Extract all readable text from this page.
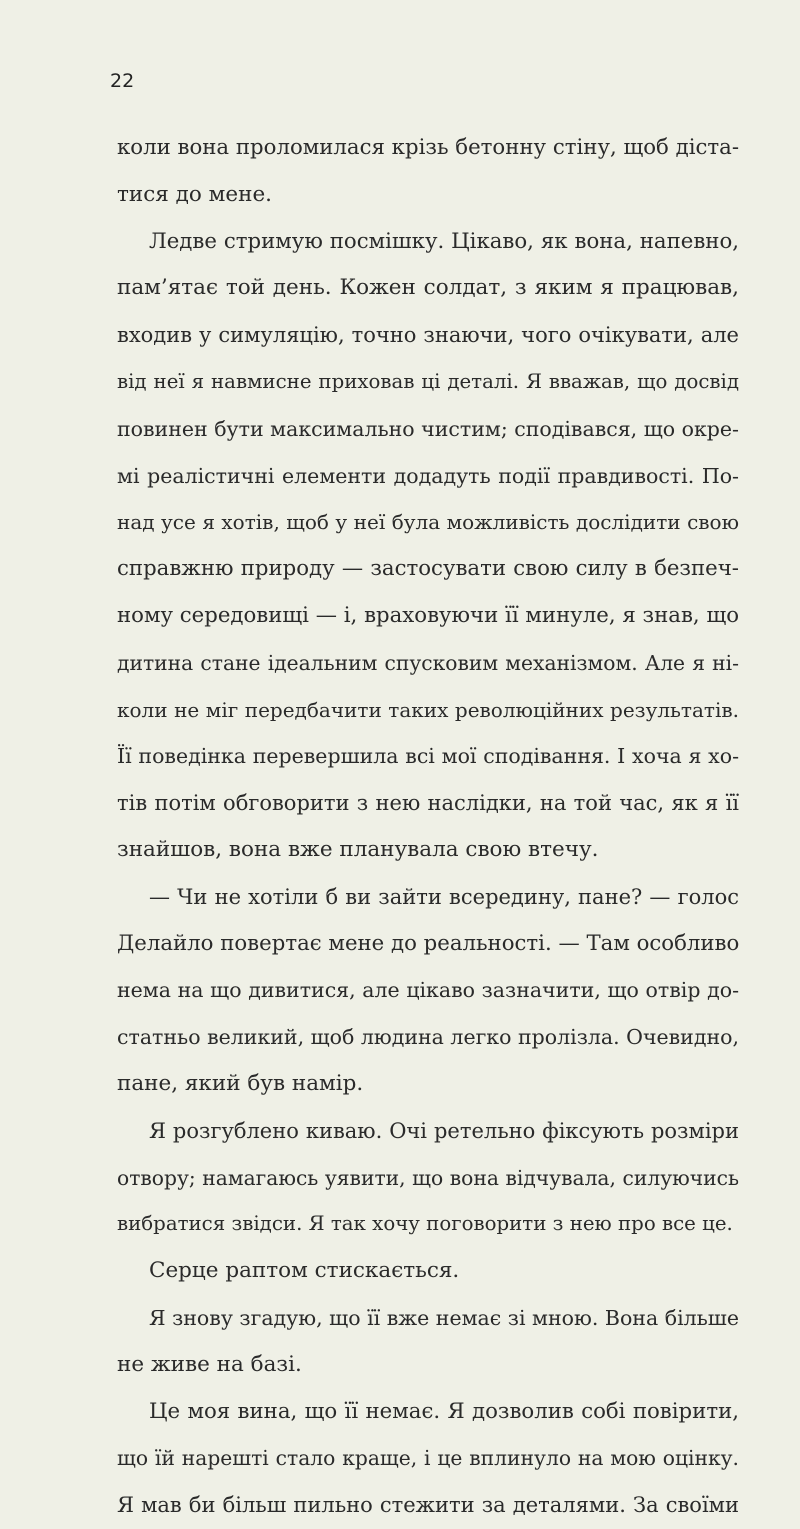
22
коли вона проломилася крізь бетонну стіну, щоб діста-
тися до мене.
Ледве стримую посмішку. Цікаво, як вона, напевно,
пам’ятає той день. Кожен солдат, з яким я працював,
входив у симуляцію, точно знаючи, чого очікувати, але
від неї я навмисне приховав ці деталі. Я вважав, що досвід
повинен бути максимально чистим; сподівався, що окре-
мі реалістичні елементи додадуть події правдивості. По-
над усе я хотів, щоб у неї була можливість дослідити свою
справжню природу — застосувати свою силу в безпеч-
ному середовищі — і, враховуючи її минуле, я знав, що
дитина стане ідеальним спусковим механізмом. Але я ні-
коли не міг передбачити таких революційних результатів.
Її поведінка перевершила всі мої сподівання. І хоча я хо-
тів потім обговорити з нею наслідки, на той час, як я її
знайшов, вона вже планувала свою втечу.
— Чи не хотіли б ви зайти всередину, пане? — голос
Делайло повертає мене до реальності. — Там особливо
нема на що дивитися, але цікаво зазначити, що отвір до-
статньо великий, щоб людина легко пролізла. Очевидно,
пане, який був намір.
Я розгублено киваю. Очі ретельно фіксують розміри
отвору; намагаюсь уявити, що вона відчувала, силуючись
вибратися звідси. Я так хочу поговорити з нею про все це.
Серце раптом стискається.
Я знову згадую, що її вже немає зі мною. Вона більше
не живе на базі.
Це моя вина, що її немає. Я дозволив собі повірити,
що їй нарешті стало краще, і це вплинуло на мою оцінку.
Я мав би більш пильно стежити за деталями. За своїми
